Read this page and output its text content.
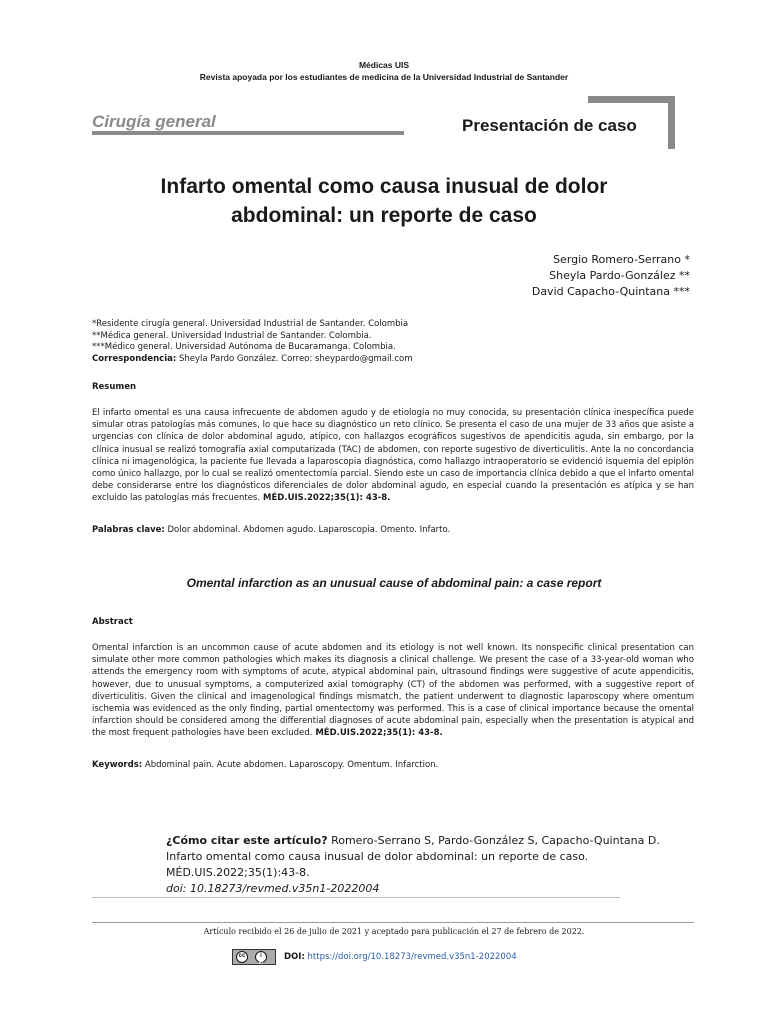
Médicas UIS
Revista apoyada por los estudiantes de medicina de la Universidad Industrial de Santander
Cirugía general	Presentación de caso
Infarto omental como causa inusual de dolor
abdominal: un reporte de caso
Sergio Romero-Serrano *
Sheyla Pardo-González **
David Capacho-Quintana ***
*Residente cirugía general. Universidad Industrial de Santander. Colombia
**Médica general. Universidad Industrial de Santander. Colombia.
***Médico general. Universidad Autónoma de Bucaramanga. Colombia.
Correspondencia: Sheyla Pardo González. Correo: sheypardo@gmail.com
Resumen
El infarto omental es una causa infrecuente de abdomen agudo y de etiología no muy conocida, su presentación clínica inespecífica puede simular otras patologías más comunes, lo que hace su diagnóstico un reto clínico. Se presenta el caso de una mujer de 33 años que asiste a urgencias con clínica de dolor abdominal agudo, atípico, con hallazgos ecográficos sugestivos de apendicitis aguda, sin embargo, por la clínica inusual se realizó tomografía axial computarizada (TAC) de abdomen, con reporte sugestivo de diverticulitis. Ante la no concordancia clínica ni imagenológica, la paciente fue llevada a laparoscopia diagnóstica, como hallazgo intraoperatorio se evidenció isquemia del epiplón como único hallazgo, por lo cual se realizó omentectomía parcial. Siendo este un caso de importancia clínica debido a que el infarto omental debe considerarse entre los diagnósticos diferenciales de dolor abdominal agudo, en especial cuando la presentación es atípica y se han excluido las patologías más frecuentes. MÉD.UIS.2022;35(1): 43-8.
Palabras clave: Dolor abdominal. Abdomen agudo. Laparoscopia. Omento. Infarto.
Omental infarction as an unusual cause of abdominal pain: a case report
Abstract
Omental infarction is an uncommon cause of acute abdomen and its etiology is not well known. Its nonspecific clinical presentation can simulate other more common pathologies which makes its diagnosis a clinical challenge. We present the case of a 33-year-old woman who attends the emergency room with symptoms of acute, atypical abdominal pain, ultrasound findings were suggestive of acute appendicitis, however, due to unusual symptoms, a computerized axial tomography (CT) of the abdomen was performed, with a suggestive report of diverticulitis. Given the clinical and imagenological findings mismatch, the patient underwent to diagnostic laparoscopy where omentum ischemia was evidenced as the only finding, partial omentectomy was performed. This is a case of clinical importance because the omental infarction should be considered among the differential diagnoses of acute abdominal pain, especially when the presentation is atypical and the most frequent pathologies have been excluded. MÉD.UIS.2022;35(1): 43-8.
Keywords: Abdominal pain. Acute abdomen. Laparoscopy. Omentum. Infarction.
¿Cómo citar este artículo? Romero-Serrano S, Pardo-González S, Capacho-Quintana D. Infarto omental como causa inusual de dolor abdominal: un reporte de caso. MÉD.UIS.2022;35(1):43-8.
doi: 10.18273/revmed.v35n1-2022004
Artículo recibido el 26 de julio de 2021 y aceptado para publicación el 27 de febrero de 2022.
cc	i
BY
DOI: https://doi.org/10.18273/revmed.v35n1-2022004
